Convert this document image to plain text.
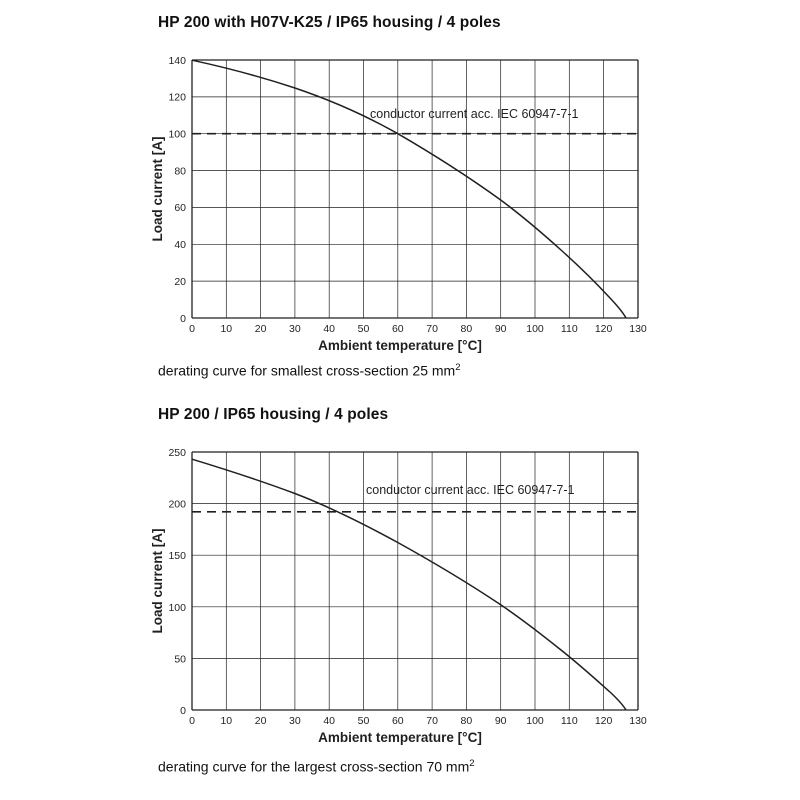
HP 200 with H07V-K25 / IP65 housing / 4 poles
conductor current acc. IEC 60947-7-1
0
20
40
60
80
100
120
140
0 10 20 30 40 50 60 70 80 90 100 110 120 130
Ambient temperature [°C]
Load current [A]
derating curve for smallest cross-section 25 $mm^2$
HP 200 / IP65 housing / 4 poles
conductor current acc. IEC 60947-7-1
0
50
100
150
200
250
0 10 20 30 40 50 60 70 80 90 100 110 120 130
Ambient temperature [°C]
Load current [A]
derating curve for the largest cross-section 70 $mm^2$
